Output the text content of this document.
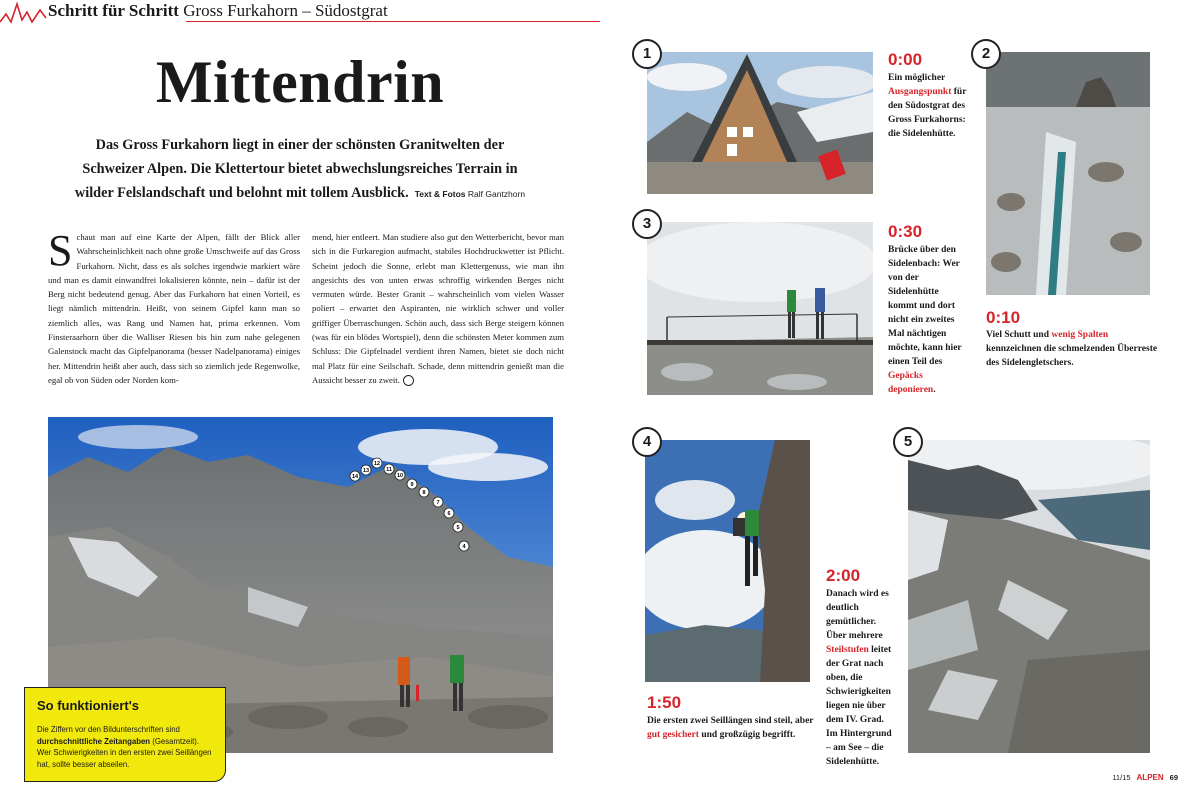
Schritt für Schritt Gross Furkahorn – Südostgrat
Mittendrin
Das Gross Furkahorn liegt in einer der schönsten Granitwelten der Schweizer Alpen. Die Klettertour bietet abwechslungsreiches Terrain in wilder Felslandschaft und belohnt mit tollem Ausblick. Text & Fotos Ralf Gantzhorn
Schaut man auf eine Karte der Alpen, fällt der Blick aller Wahrscheinlichkeit nach ohne große Umschweife auf das Gross Furkahorn. Nicht, dass es als solches irgendwie markiert wäre und man es damit einwandfrei lokalisieren könnte, nein – dafür ist der Berg nicht bedeutend genug. Aber das Furkahorn hat einen Vorteil, es liegt nämlich mittendrin. Heißt, von seinem Gipfel kann man so ziemlich alles, was Rang und Namen hat, prima erkennen. Vom Finsteraarhorn über die Walliser Riesen bis hin zum nahe gelegenen Galenstock macht das Gipfelpanorama (besser Nadelpanorama) einiges her. Mittendrin heißt aber auch, dass sich so ziemlich jede Regenwolke, egal ob von Süden oder Norden kom-
mend, hier entleert. Man studiere also gut den Wetterbericht, bevor man sich in die Furkaregion aufmacht, stabiles Hochdruckwetter ist Pflicht. Scheint jedoch die Sonne, erlebt man Klettergenuss, wie man ihn angesichts des von unten etwas schroffig wirkenden Berges nicht vermuten würde. Bester Granit – wahrscheinlich vom vielen Wasser poliert – erwartet den Aspiranten, nie wirklich schwer und voller griffiger Überraschungen. Schön auch, dass sich Berge steigern können (was für ein blödes Wortspiel), denn die schönsten Meter kommen zum Schluss: Die Gipfelnadel verdient ihren Namen, bietet sie doch nicht mal Platz für eine Seilschaft. Schade, denn mittendrin genießt man die Aussicht besser zu zweit.
14
13
12
11
10
9
8
7
6
5
4
So funktioniert's
Die Ziffern vor den Bildunterschriften sind durchschnittliche Zeitangaben (Gesamtzeit).
Wer Schwierigkeiten in den ersten zwei Seillängen hat, sollte besser abseilen.
1	0:00
Ein möglicher Ausgangspunkt für den Südostgrat des Gross Furkahorns: die Sidelenhütte.
2
0:10
Viel Schutt und wenig Spalten kennzeichnen die schmelzenden Überreste des Sidelengletschers.
3	0:30
Brücke über den Sidelenbach: Wer von der Sidelenhütte kommt und dort nicht ein zweites Mal nächtigen möchte, kann hier einen Teil des Gepäcks deponieren.
4
1:50
Die ersten zwei Seillängen sind steil, aber gut gesichert und großzügig begrifft.
5
2:00
Danach wird es deutlich gemütlicher. Über mehrere Steilstufen leitet der Grat nach oben, die Schwierigkeiten liegen nie über dem IV. Grad. Im Hintergrund – am See – die Sidelenhütte.
11/15 ALPEN 69
